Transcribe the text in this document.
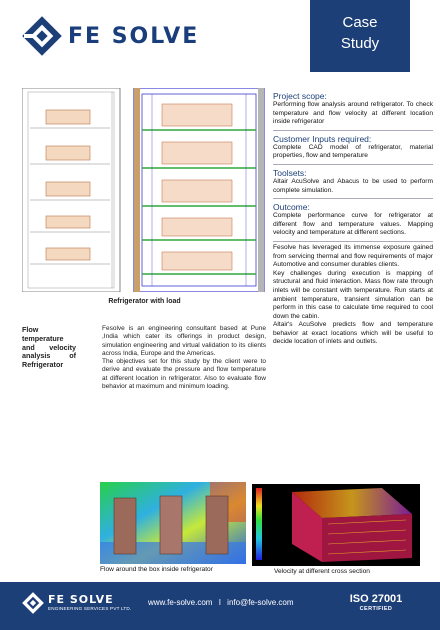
FE SOLVE
Case
Study
Refrigerator with load
Project scope:
Performing flow analysis around refrigerator. To check temperature and flow velocity at different location inside refrigerator
Customer Inputs required:
Complete CAD model of refrigerator, material properties, flow and temperature
Toolsets:
Altair AcuSolve and Abacus to be used to perform complete simulation.
Outcome:
Complete performance curve for refrigerator at different flow and temperature values. Mapping velocity and temperature at different sections.

Fesolve has leveraged its immense exposure gained from servicing thermal and flow requirements of major Automotive and consumer durables clients.

Key challenges during execution is mapping of structural and fluid interaction. Mass flow rate through inlets will be constant with temperature. Run starts at ambient temperature, transient simulation can be perform in this case to calculate time required to cool down the cabin.

Altair's AcuSolve predicts flow and temperature behavior at exact locations which will be useful to decide location of inlets and outlets.

Flow temperature and velocity analysis of Refrigerator

Fesolve is an engineering consultant based at Pune ,India which cater its offerings in product design, simulation engineering and virtual validation to its clients across India, Europe and the Americas.

The objectives set for this study by the client were to derive and evaluate the pressure and flow temperature at different location in refrigerator. Also to evaluate flow behavior at maximum and minimum loading.

Flow around the box inside refrigerator	Velocity at different cross section
FE SOLVE
ENGINEERING SERVICES PVT LTD.
www.fe-solve.com I info@fe-solve.com	ISO 27001
CERTIFIED
